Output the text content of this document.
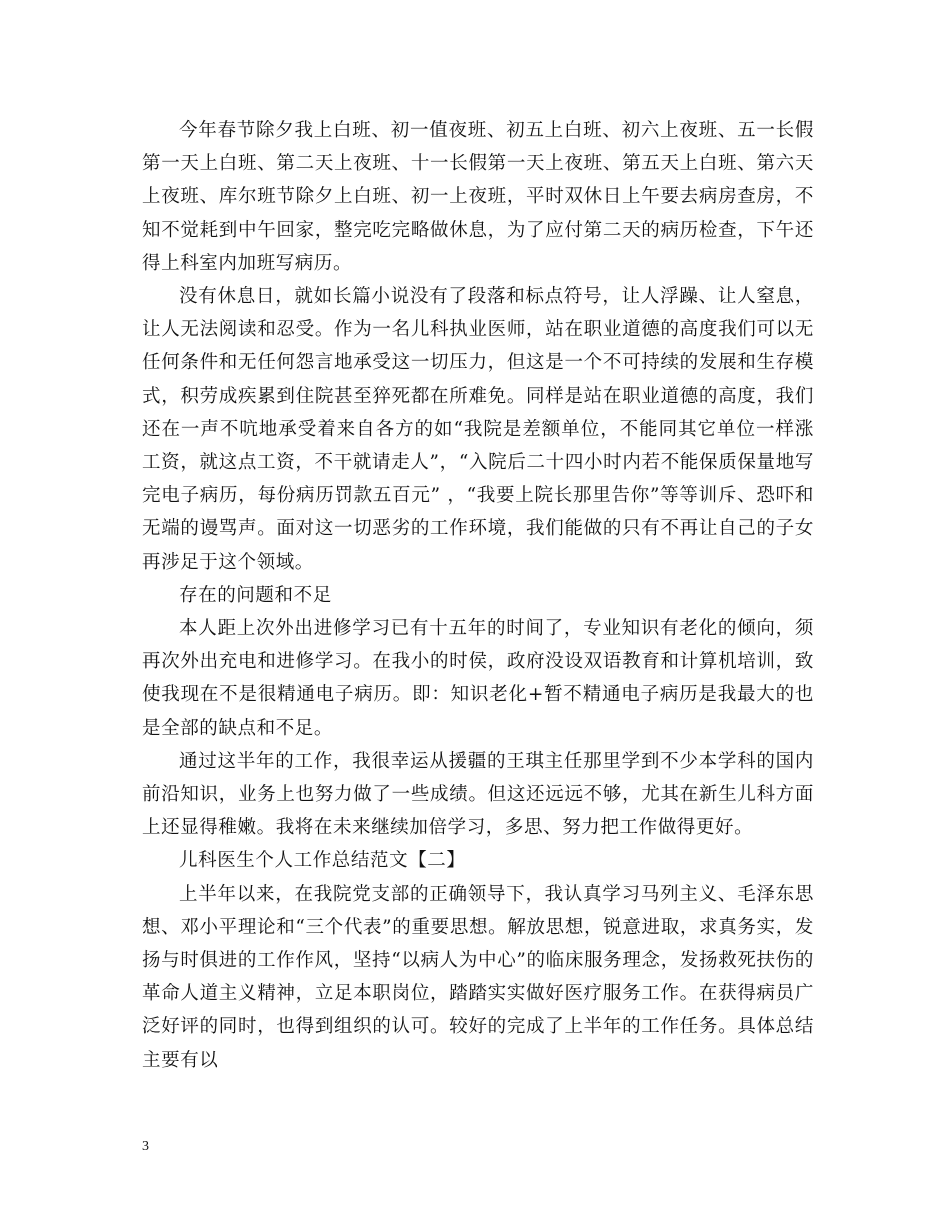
今年春节除夕我上白班、初一值夜班、初五上白班、初六上夜班、五一长假第一天上白班、第二天上夜班、十一长假第一天上夜班、第五天上白班、第六天上夜班、库尔班节除夕上白班、初一上夜班，平时双休日上午要去病房查房，不知不觉耗到中午回家，整完吃完略做休息，为了应付第二天的病历检查，下午还得上科室内加班写病历。

没有休息日，就如长篇小说没有了段落和标点符号，让人浮躁、让人窒息，让人无法阅读和忍受。作为一名儿科执业医师，站在职业道德的高度我们可以无任何条件和无任何怨言地承受这一切压力，但这是一个不可持续的发展和生存模式，积劳成疾累到住院甚至猝死都在所难免。同样是站在职业道德的高度，我们还在一声不吭地承受着来自各方的如“我院是差额单位，不能同其它单位一样涨工资，就这点工资，不干就请走人”，“入院后二十四小时内若不能保质保量地写完电子病历，每份病历罚款五百元” ，“我要上院长那里告你”等等训斥、恐吓和无端的谩骂声。面对这一切恶劣的工作环境，我们能做的只有不再让自己的子女再涉足于这个领域。

存在的问题和不足

本人距上次外出进修学习已有十五年的时间了，专业知识有老化的倾向，须再次外出充电和进修学习。在我小的时侯，政府没设双语教育和计算机培训，致使我现在不是很精通电子病历。即：知识老化+暂不精通电子病历是我最大的也是全部的缺点和不足。

通过这半年的工作，我很幸运从援疆的王琪主任那里学到不少本学科的国内前沿知识，业务上也努力做了一些成绩。但这还远远不够，尤其在新生儿科方面上还显得稚嫩。我将在未来继续加倍学习，多思、努力把工作做得更好。

儿科医生个人工作总结范文【二】

上半年以来，在我院党支部的正确领导下，我认真学习马列主义、毛泽东思想、邓小平理论和“三个代表”的重要思想。解放思想，锐意进取，求真务实，发扬与时俱进的工作作风，坚持“以病人为中心”的临床服务理念，发扬救死扶伤的革命人道主义精神，立足本职岗位，踏踏实实做好医疗服务工作。在获得病员广泛好评的同时，也得到组织的认可。较好的完成了上半年的工作任务。具体总结主要有以

3
